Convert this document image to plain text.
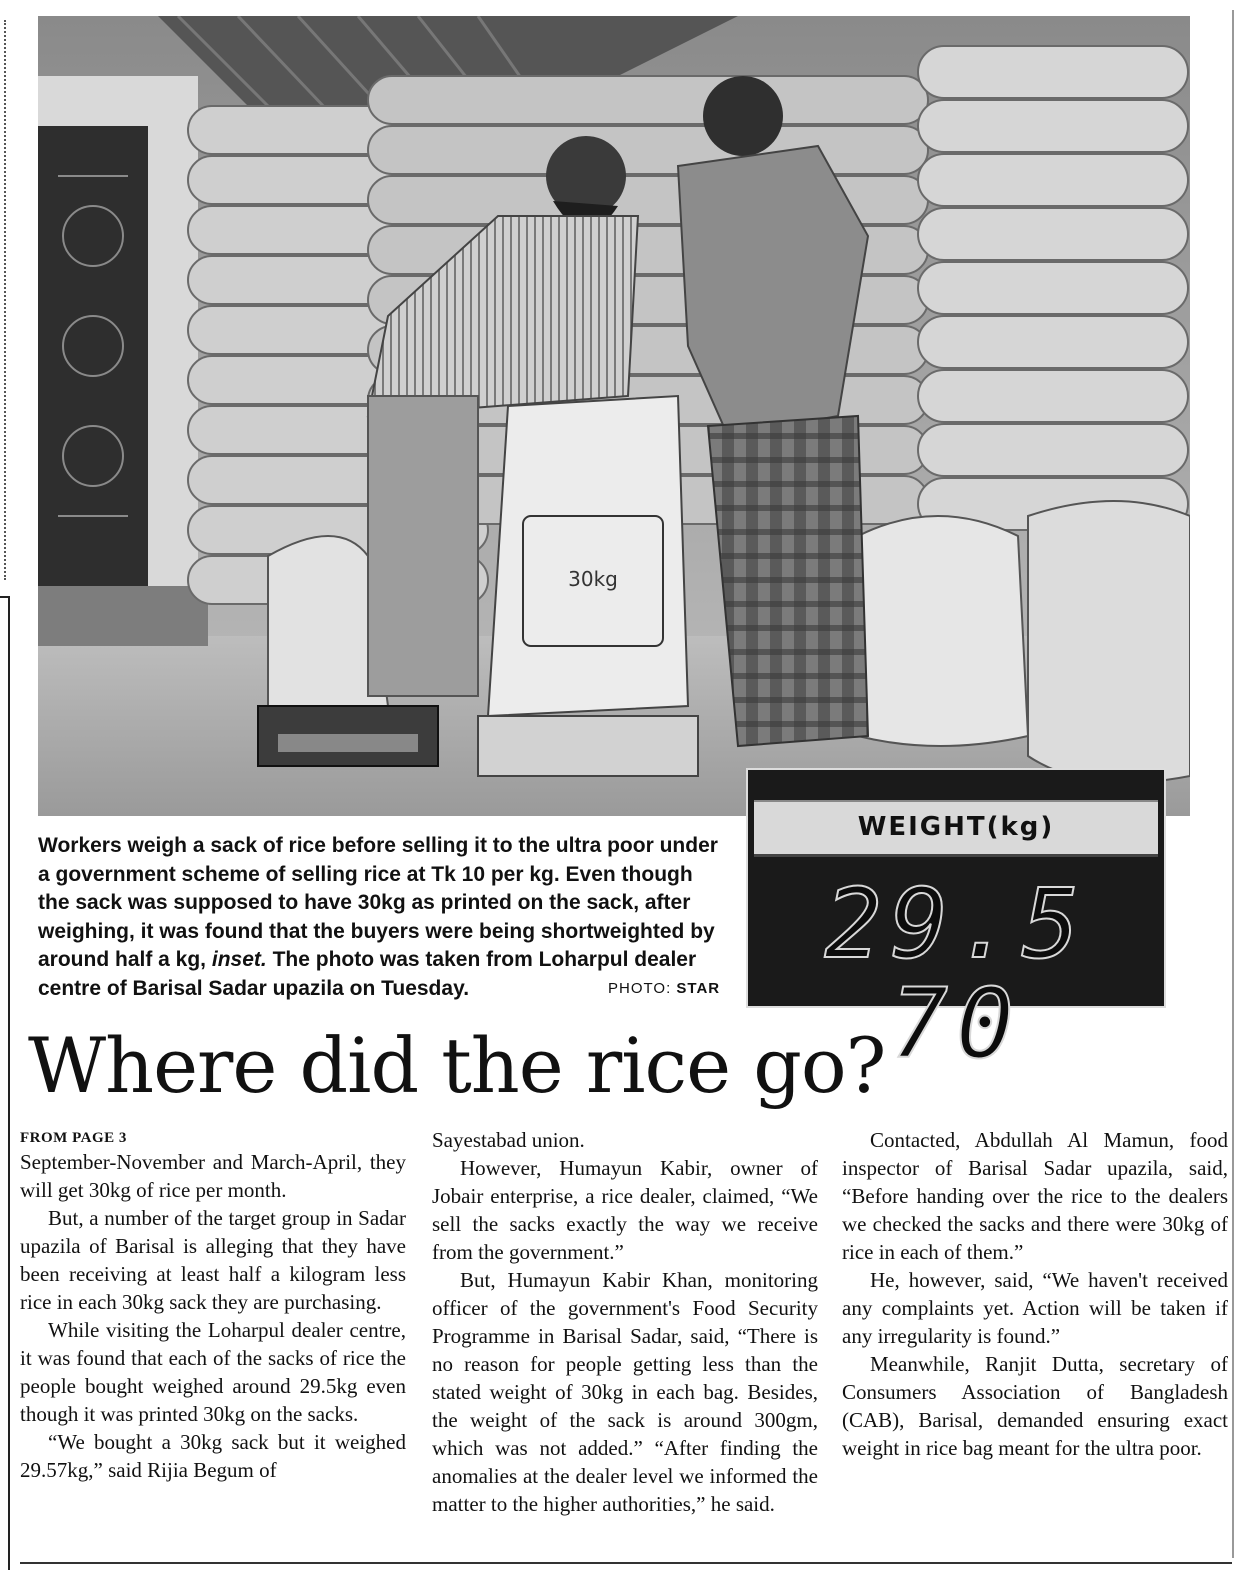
30kg
WEIGHT(kg)
29.5 70
Workers weigh a sack of rice before selling it to the ultra poor under a government scheme of selling rice at Tk 10 per kg. Even though the sack was supposed to have 30kg as printed on the sack, after weighing, it was found that the buyers were being shortweighted by around half a kg, inset. The photo was taken from Loharpul dealer centre of Barisal Sadar upazila on Tuesday.	PHOTO: STAR
Where did the rice go?
FROM PAGE 3

September-November and March-April, they will get 30kg of rice per month.

But, a number of the target group in Sadar upazila of Barisal is alleging that they have been receiving at least half a kilogram less rice in each 30kg sack they are purchasing.

While visiting the Loharpul dealer centre, it was found that each of the sacks of rice the people bought weighed around 29.5kg even though it was printed 30kg on the sacks.

“We bought a 30kg sack but it weighed 29.57kg,” said Rijia Begum of

Sayestabad union.

However, Humayun Kabir, owner of Jobair enterprise, a rice dealer, claimed, “We sell the sacks exactly the way we receive from the government.”

But, Humayun Kabir Khan, monitoring officer of the government's Food Security Programme in Barisal Sadar, said, “There is no reason for people getting less than the stated weight of 30kg in each bag. Besides, the weight of the sack is around 300gm, which was not added.” “After finding the anomalies at the dealer level we informed the matter to the higher authorities,” he said.

Contacted, Abdullah Al Mamun, food inspector of Barisal Sadar upazila, said, “Before handing over the rice to the dealers we checked the sacks and there were 30kg of rice in each of them.”

He, however, said, “We haven't received any complaints yet. Action will be taken if any irregularity is found.”

Meanwhile, Ranjit Dutta, secretary of Consumers Association of Bangladesh (CAB), Barisal, demanded ensuring exact weight in rice bag meant for the ultra poor.
